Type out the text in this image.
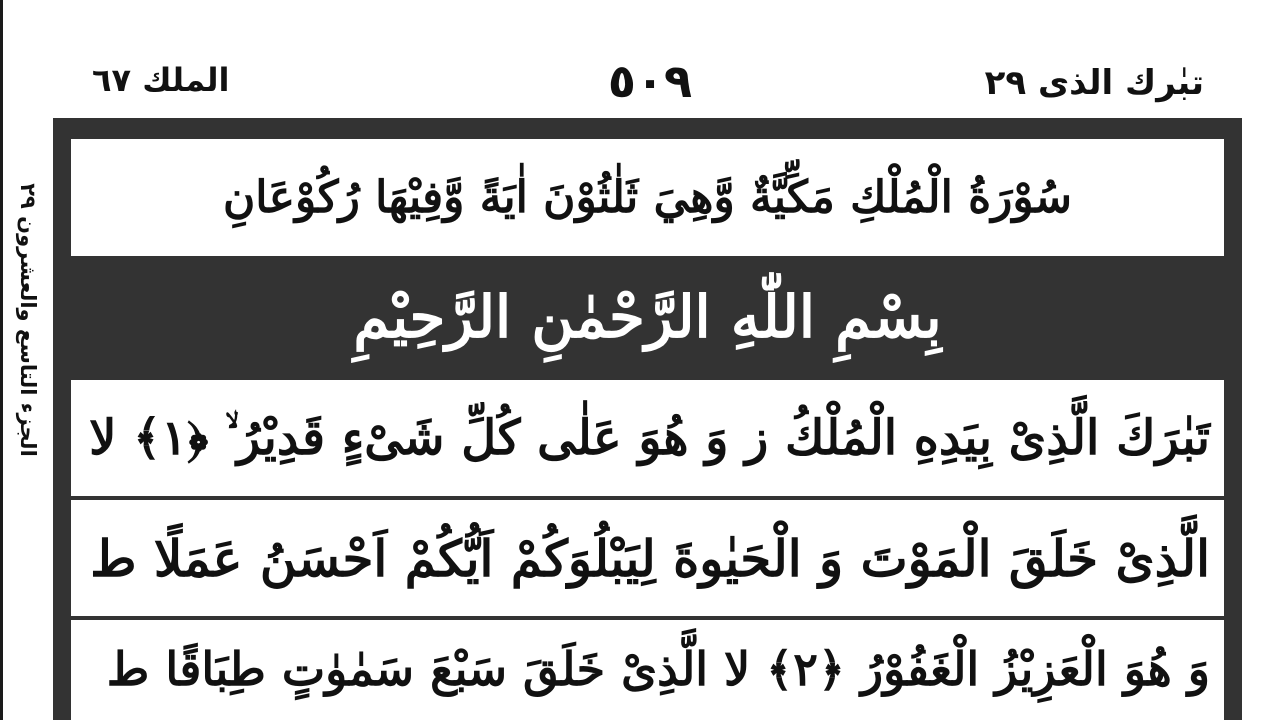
تبٰرك الذى ٢٩
٥٠٩
الملك ٦٧
الجزء التاسع والعشرون ٢٩
سُوْرَةُ الْمُلْكِ مَكِّيَّةٌ وَّهِيَ ثَلٰثُوْنَ اٰيَةً وَّفِيْهَا رُكُوْعَانِ
بِسْمِ اللّٰهِ الرَّحْمٰنِ الرَّحِيْمِ
تَبٰرَكَ الَّذِىْ بِيَدِهِ الْمُلْكُ ز وَ هُوَ عَلٰى كُلِّ شَىْءٍ قَدِيْرُ ۙ ﴿١﴾ لا
الَّذِىْ خَلَقَ الْمَوْتَ وَ الْحَيٰوةَ لِيَبْلُوَكُمْ اَيُّكُمْ اَحْسَنُ عَمَلًا ط
وَ هُوَ الْعَزِيْزُ الْغَفُوْرُ ﴿٢﴾ لا الَّذِىْ خَلَقَ سَبْعَ سَمٰوٰتٍ طِبَاقًا ط
